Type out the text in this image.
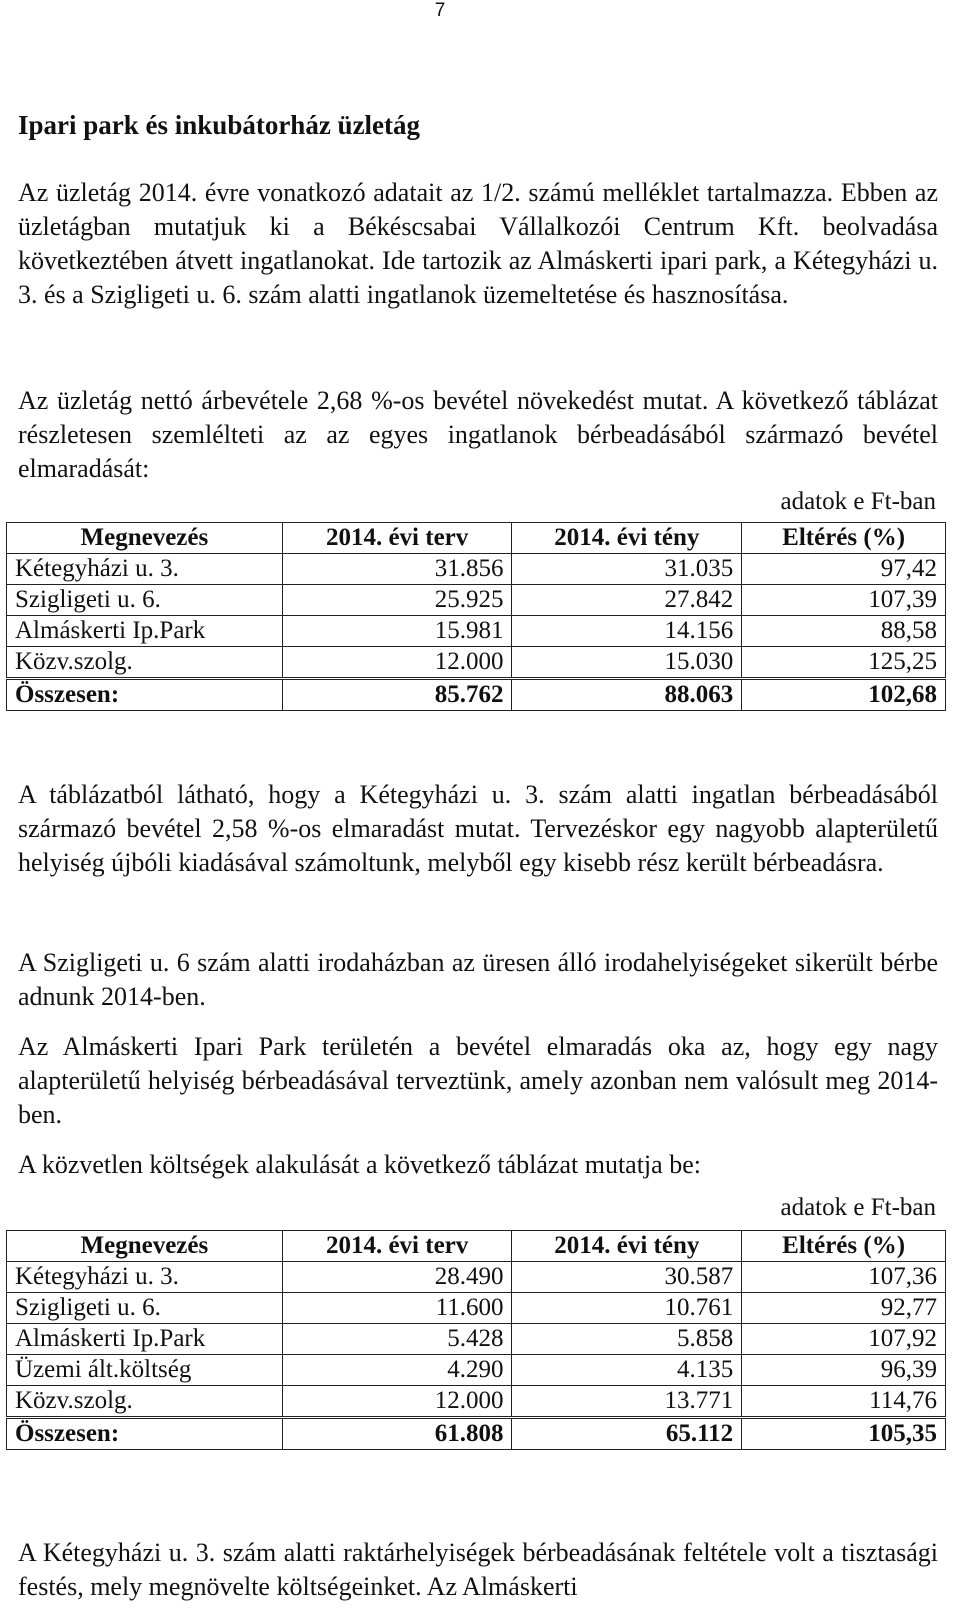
7
Ipari park és inkubátorház üzletág
Az üzletág 2014. évre vonatkozó adatait az 1/2. számú melléklet tartalmazza. Ebben az üzletágban mutatjuk ki a Békéscsabai Vállalkozói Centrum Kft. beolvadása következtében átvett ingatlanokat. Ide tartozik az Almáskerti ipari park, a Kétegyházi u. 3. és a Szigligeti u. 6. szám alatti ingatlanok üzemeltetése és hasznosítása.
Az üzletág nettó árbevétele 2,68 %-os bevétel növekedést mutat. A következő táblázat részletesen szemlélteti az az egyes ingatlanok bérbeadásából származó bevétel elmaradását:
adatok e Ft-ban
Megnevezés	2014. évi terv	2014. évi tény	Eltérés (%)
Kétegyházi u. 3.	31.856	31.035	97,42
Szigligeti u. 6.	25.925	27.842	107,39
Almáskerti Ip.Park	15.981	14.156	88,58
Közv.szolg.	12.000	15.030	125,25
Összesen:	85.762	88.063	102,68
A táblázatból látható, hogy a Kétegyházi u. 3. szám alatti ingatlan bérbeadásából származó bevétel 2,58 %-os elmaradást mutat. Tervezéskor egy nagyobb alapterületű helyiség újbóli kiadásával számoltunk, melyből egy kisebb rész került bérbeadásra.
A Szigligeti u. 6 szám alatti irodaházban az üresen álló irodahelyiségeket sikerült bérbe adnunk 2014-ben.
Az Almáskerti Ipari Park területén a bevétel elmaradás oka az, hogy egy nagy alapterületű helyiség bérbeadásával terveztünk, amely azonban nem valósult meg 2014-ben.
A közvetlen költségek alakulását a következő táblázat mutatja be:
adatok e Ft-ban
Megnevezés	2014. évi terv	2014. évi tény	Eltérés (%)
Kétegyházi u. 3.	28.490	30.587	107,36
Szigligeti u. 6.	11.600	10.761	92,77
Almáskerti Ip.Park	5.428	5.858	107,92
Üzemi ált.költség	4.290	4.135	96,39
Közv.szolg.	12.000	13.771	114,76
Összesen:	61.808	65.112	105,35
A Kétegyházi u. 3. szám alatti raktárhelyiségek bérbeadásának feltétele volt a tisztasági festés, mely megnövelte költségeinket. Az Almáskerti
